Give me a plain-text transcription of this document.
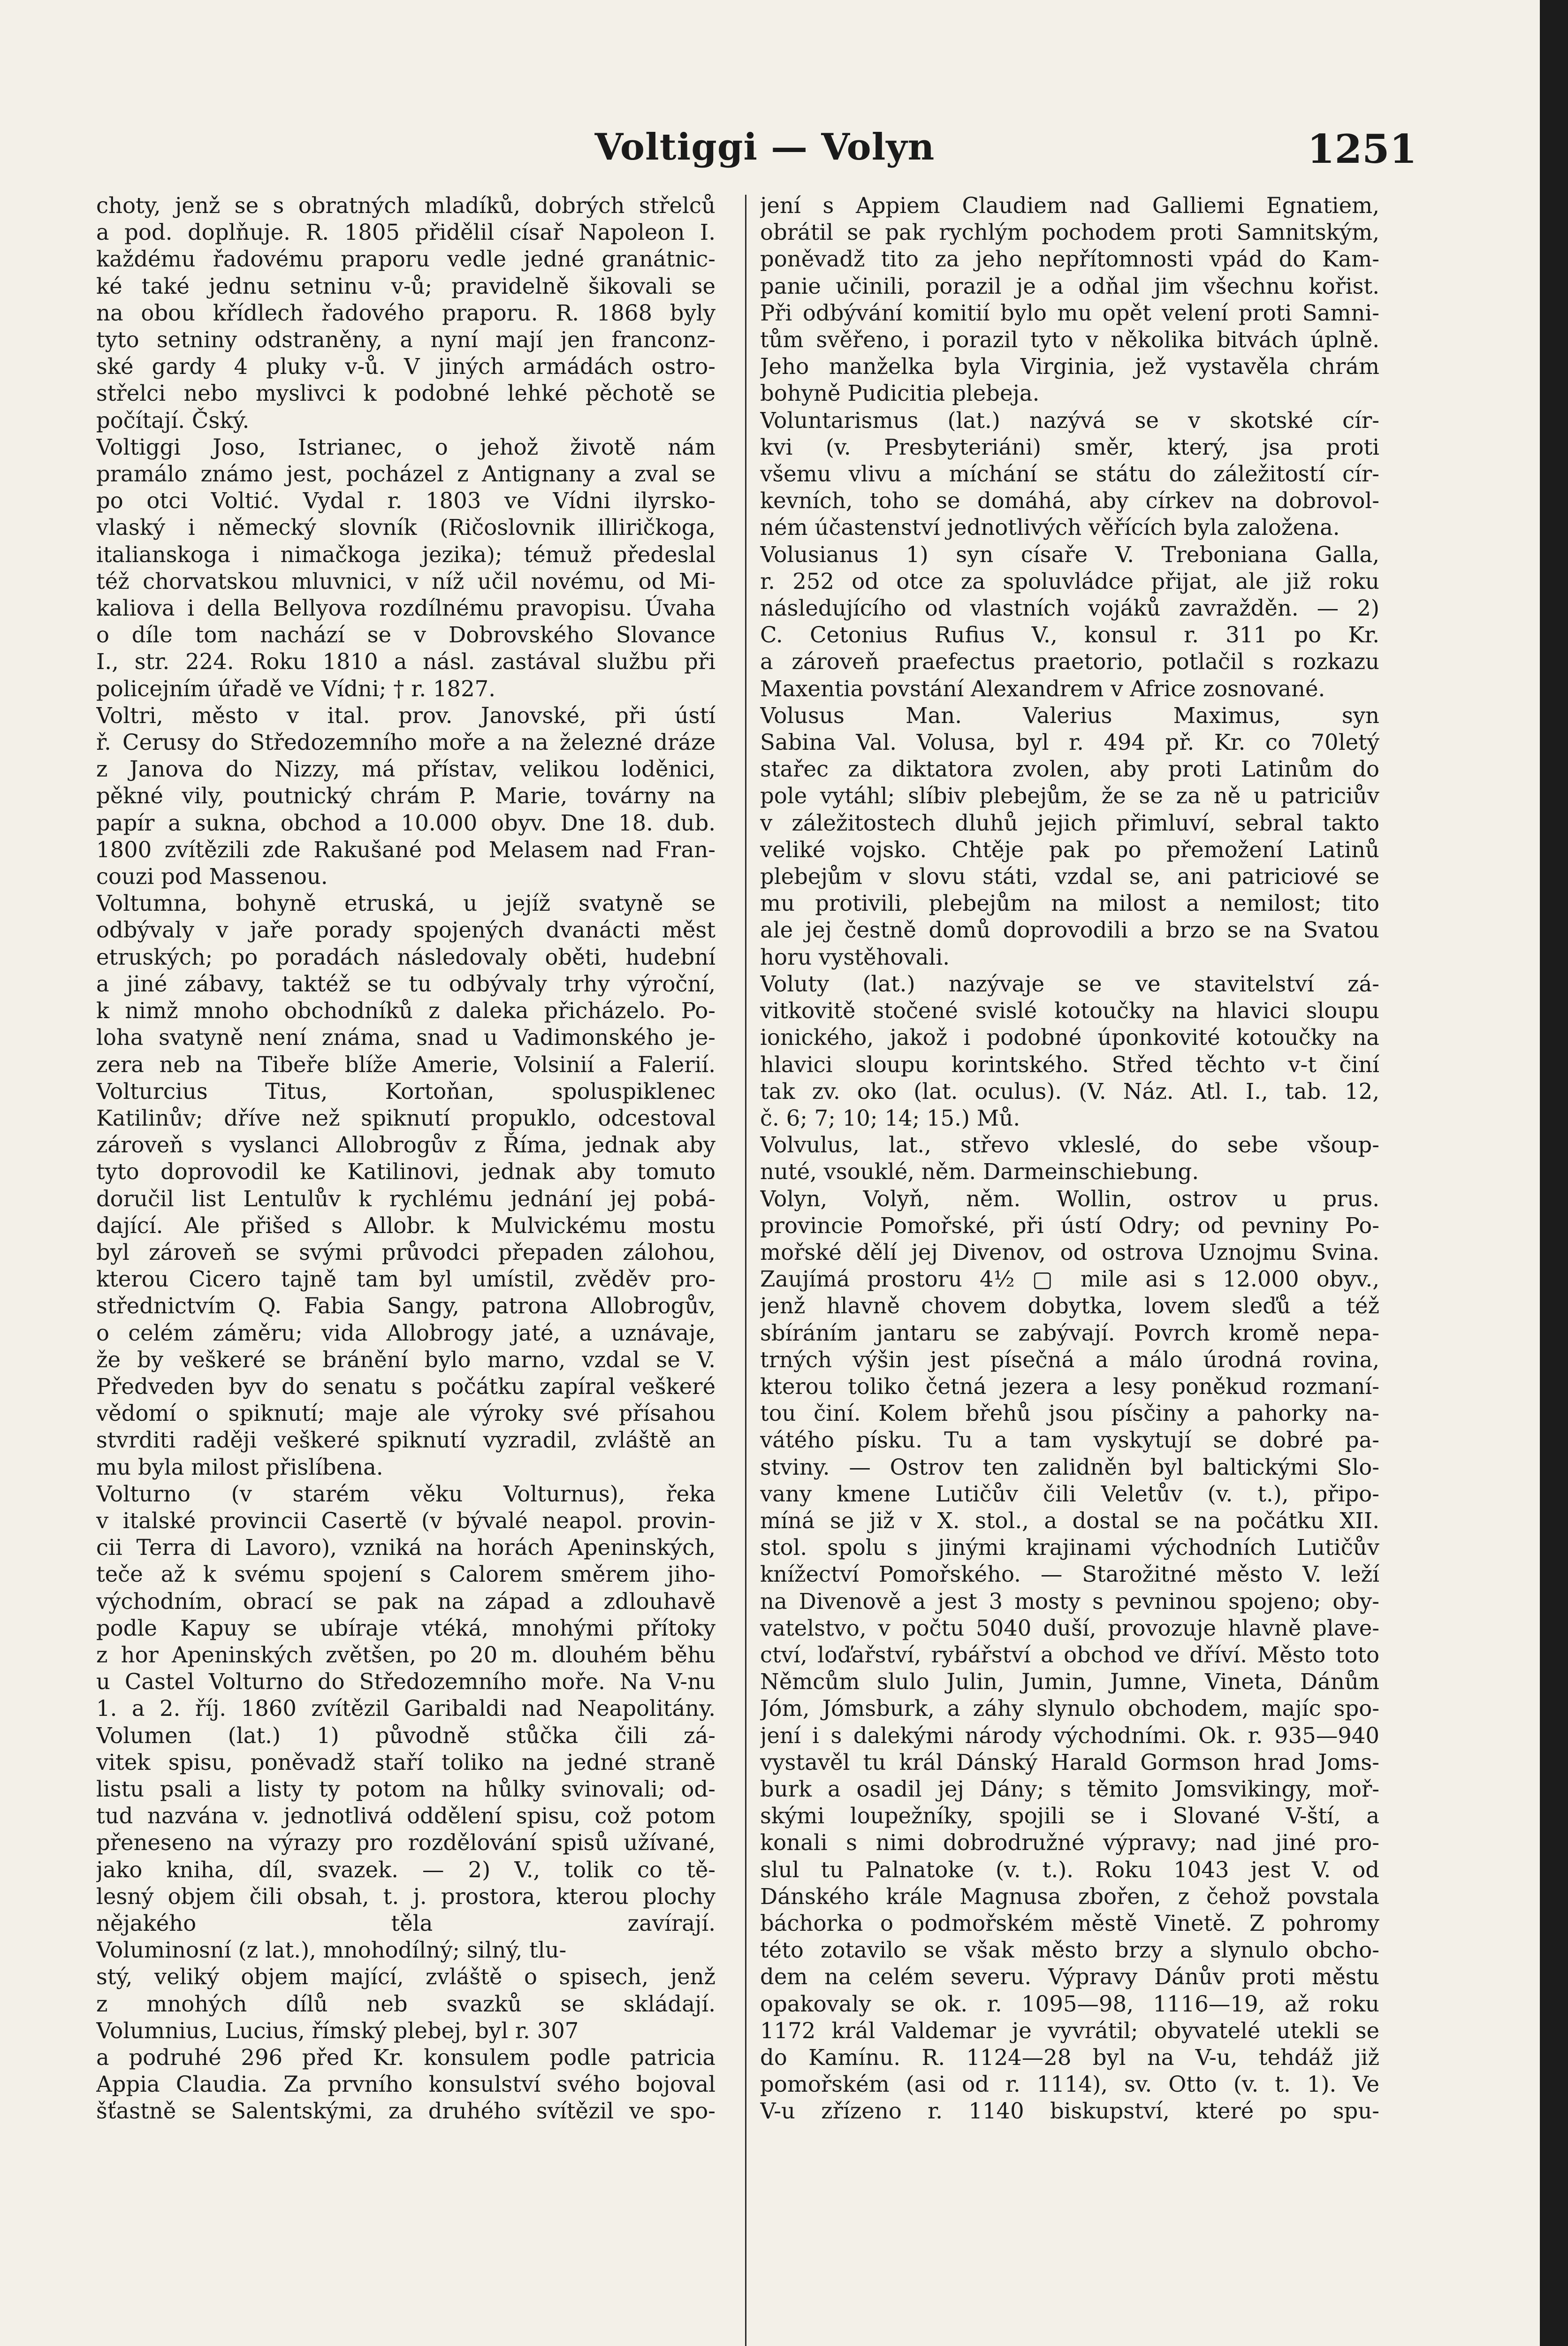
Voltiggi — Volyn	1251
choty, jenž se s obratných mladíků, dobrých střelců
a pod. doplňuje. R. 1805 přidělil císař Napoleon I.
každému řadovému praporu vedle jedné granátnic-
ké také jednu setninu v-ů; pravidelně šikovali se
na obou křídlech řadového praporu. R. 1868 byly
tyto setniny odstraněny, a nyní mají jen franconz-
ské gardy 4 pluky v-ů. V jiných armádách ostro-
střelci nebo myslivci k podobné lehké pěchotě se
počítají. Čský.
Voltiggi Joso, Istrianec, o jehož životě nám
pramálo známo jest, pocházel z Antignany a zval se
po otci Voltić. Vydal r. 1803 ve Vídni ilyrsko-
vlaský i německý slovník (Ričoslovnik illiričkoga,
italianskoga i nimačkoga jezika); témuž předeslal
též chorvatskou mluvnici, v níž učil novému, od Mi-
kaliova i della Bellyova rozdílnému pravopisu. Úvaha
o díle tom nachází se v Dobrovského Slovance
I., str. 224. Roku 1810 a násl. zastával službu při
policejním úřadě ve Vídni; † r. 1827.
Voltri, město v ital. prov. Janovské, při ústí
ř. Cerusy do Středozemního moře a na železné dráze
z Janova do Nizzy, má přístav, velikou loděnici,
pěkné vily, poutnický chrám P. Marie, továrny na
papír a sukna, obchod a 10.000 obyv. Dne 18. dub.
1800 zvítězili zde Rakušané pod Melasem nad Fran-
couzi pod Massenou.
Voltumna, bohyně etruská, u jejíž svatyně se
odbývaly v jaře porady spojených dvanácti měst
etruských; po poradách následovaly oběti, hudební
a jiné zábavy, taktéž se tu odbývaly trhy výroční,
k nimž mnoho obchodníků z daleka přicházelo. Po-
loha svatyně není známa, snad u Vadimonského je-
zera neb na Tibeře blíže Amerie, Volsinií a Falerií.
Volturcius Titus, Kortoňan, spoluspiklenec
Katilinův; dříve než spiknutí propuklo, odcestoval
zároveň s vyslanci Allobrogův z Říma, jednak aby
tyto doprovodil ke Katilinovi, jednak aby tomuto
doručil list Lentulův k rychlému jednání jej pobá-
dající. Ale přišed s Allobr. k Mulvickému mostu
byl zároveň se svými průvodci přepaden zálohou,
kterou Cicero tajně tam byl umístil, zvěděv pro-
střednictvím Q. Fabia Sangy, patrona Allobrogův,
o celém záměru; vida Allobrogy jaté, a uznávaje,
že by veškeré se bránění bylo marno, vzdal se V.
Předveden byv do senatu s počátku zapíral veškeré
vědomí o spiknutí; maje ale výroky své přísahou
stvrditi raději veškeré spiknutí vyzradil, zvláště an
mu byla milost přislíbena.
Volturno (v starém věku Volturnus), řeka
v italské provincii Casertě (v bývalé neapol. provin-
cii Terra di Lavoro), vzniká na horách Apeninských,
teče až k svému spojení s Calorem směrem jiho-
východním, obrací se pak na západ a zdlouhavě
podle Kapuy se ubíraje vtéká, mnohými přítoky
z hor Apeninských zvětšen, po 20 m. dlouhém běhu
u Castel Volturno do Středozemního moře. Na V-nu
1. a 2. říj. 1860 zvítězil Garibaldi nad Neapolitány.
Volumen (lat.) 1) původně stůčka čili zá-
vitek spisu, poněvadž staří toliko na jedné straně
listu psali a listy ty potom na hůlky svinovali; od-
tud nazvána v. jednotlivá oddělení spisu, což potom
přeneseno na výrazy pro rozdělování spisů užívané,
jako kniha, díl, svazek. — 2) V., tolik co tě-
lesný objem čili obsah, t. j. prostora, kterou plochy
nějakého těla zavírají.
Voluminosní (z lat.), mnohodílný; silný, tlu-
stý, veliký objem mající, zvláště o spisech, jenž
z mnohých dílů neb svazků se skládají.
Volumnius, Lucius, římský plebej, byl r. 307
a podruhé 296 před Kr. konsulem podle patricia
Appia Claudia. Za prvního konsulství svého bojoval
šťastně se Salentskými, za druhého svítězil ve spo-
jení s Appiem Claudiem nad Galliemi Egnatiem,
obrátil se pak rychlým pochodem proti Samnitským,
poněvadž tito za jeho nepřítomnosti vpád do Kam-
panie učinili, porazil je a odňal jim všechnu kořist.
Při odbývání komitií bylo mu opět velení proti Samni-
tům svěřeno, i porazil tyto v několika bitvách úplně.
Jeho manželka byla Virginia, jež vystavěla chrám
bohyně Pudicitia plebeja.
Voluntarismus (lat.) nazývá se v skotské cír-
kvi (v. Presbyteriáni) směr, který, jsa proti
všemu vlivu a míchání se státu do záležitostí cír-
kevních, toho se domáhá, aby církev na dobrovol-
ném účastenství jednotlivých věřících byla založena.
Volusianus 1) syn císaře V. Treboniana Galla,
r. 252 od otce za spoluvládce přijat, ale již roku
následujícího od vlastních vojáků zavražděn. — 2)
C. Cetonius Rufius V., konsul r. 311 po Kr.
a zároveň praefectus praetorio, potlačil s rozkazu
Maxentia povstání Alexandrem v Africe zosnované.
Volusus Man. Valerius Maximus, syn
Sabina Val. Volusa, byl r. 494 př. Kr. co 70letý
stařec za diktatora zvolen, aby proti Latinům do
pole vytáhl; slíbiv plebejům, že se za ně u patriciův
v záležitostech dluhů jejich přimluví, sebral takto
veliké vojsko. Chtěje pak po přemožení Latinů
plebejům v slovu státi, vzdal se, ani patriciové se
mu protivili, plebejům na milost a nemilost; tito
ale jej čestně domů doprovodili a brzo se na Svatou
horu vystěhovali.
Voluty (lat.) nazývaje se ve stavitelství zá-
vitkovitě stočené svislé kotoučky na hlavici sloupu
ionického, jakož i podobné úponkovité kotoučky na
hlavici sloupu korintského. Střed těchto v-t činí
tak zv. oko (lat. oculus). (V. Náz. Atl. I., tab. 12,
č. 6; 7; 10; 14; 15.) Mů.
Volvulus, lat., střevo vkleslé, do sebe všoup-
nuté, vsouklé, něm. Darmeinschiebung.
Volyn, Volyň, něm. Wollin, ostrov u prus.
provincie Pomořské, při ústí Odry; od pevniny Po-
mořské dělí jej Divenov, od ostrova Uznojmu Svina.
Zaujímá prostoru 4½ ▢ mile asi s 12.000 obyv.,
jenž hlavně chovem dobytka, lovem sleďů a též
sbíráním jantaru se zabývají. Povrch kromě nepa-
trných výšin jest písečná a málo úrodná rovina,
kterou toliko četná jezera a lesy poněkud rozmaní-
tou činí. Kolem břehů jsou písčiny a pahorky na-
vátého písku. Tu a tam vyskytují se dobré pa-
stviny. — Ostrov ten zalidněn byl baltickými Slo-
vany kmene Lutičův čili Veletův (v. t.), připo-
míná se již v X. stol., a dostal se na počátku XII.
stol. spolu s jinými krajinami východních Lutičův
knížectví Pomořského. — Starožitné město V. leží
na Divenově a jest 3 mosty s pevninou spojeno; oby-
vatelstvo, v počtu 5040 duší, provozuje hlavně plave-
ctví, loďařství, rybářství a obchod ve dříví. Město toto
Němcům slulo Julin, Jumin, Jumne, Vineta, Dánům
Jóm, Jómsburk, a záhy slynulo obchodem, majíc spo-
jení i s dalekými národy východními. Ok. r. 935—940
vystavěl tu král Dánský Harald Gormson hrad Joms-
burk a osadil jej Dány; s těmito Jomsvikingy, moř-
skými loupežníky, spojili se i Slované V-ští, a
konali s nimi dobrodružné výpravy; nad jiné pro-
slul tu Palnatoke (v. t.). Roku 1043 jest V. od
Dánského krále Magnusa zbořen, z čehož povstala
báchorka o podmořském městě Vinetě. Z pohromy
této zotavilo se však město brzy a slynulo obcho-
dem na celém severu. Výpravy Dánův proti městu
opakovaly se ok. r. 1095—98, 1116—19, až roku
1172 král Valdemar je vyvrátil; obyvatelé utekli se
do Kamínu. R. 1124—28 byl na V-u, tehdáž již
pomořském (asi od r. 1114), sv. Otto (v. t. 1). Ve
V-u zřízeno r. 1140 biskupství, které po spu-
